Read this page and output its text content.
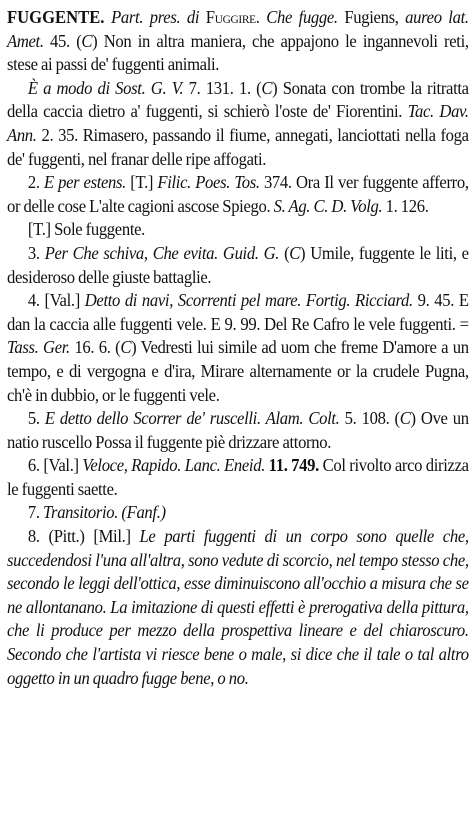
FUGGENTE. Part. pres. di Fuggire. Che fugge. Fugiens, aureo lat. Amet. 45. (C) Non in altra maniera, che appajono le ingannevoli reti, stese ai passi de' fuggenti animali.

È a modo di Sost. G. V. 7. 131. 1. (C) Sonata con trombe la ritratta della caccia dietro a' fuggenti, si schierò l'oste de' Fiorentini. Tac. Dav. Ann. 2. 35. Rimasero, passando il fiume, annegati, lanciottati nella foga de' fuggenti, nel franar delle ripe affogati.

2. E per estens. [T.] Filic. Poes. Tos. 374. Ora Il ver fuggente afferro, or delle cose L'alte cagioni ascose Spiego. S. Ag. C. D. Volg. 1. 126.

[T.] Sole fuggente.

3. Per Che schiva, Che evita. Guid. G. (C) Umile, fuggente le liti, e desideroso delle giuste battaglie.

4. [Val.] Detto di navi, Scorrenti pel mare. Fortig. Ricciard. 9. 45. E dan la caccia alle fuggenti vele. E 9. 99. Del Re Cafro le vele fuggenti. = Tass. Ger. 16. 6. (C) Vedresti lui simile ad uom che freme D'amore a un tempo, e di vergogna e d'ira, Mirare alternamente or la crudele Pugna, ch'è in dubbio, or le fuggenti vele.

5. E detto dello Scorrer de' ruscelli. Alam. Colt. 5. 108. (C) Ove un natio ruscello Possa il fuggente piè drizzare attorno.

6. [Val.] Veloce, Rapido. Lanc. Eneid. 11. 749. Col rivolto arco dirizza le fuggenti saette.

7. Transitorio. (Fanf.)

8. (Pitt.) [Mil.] Le parti fuggenti di un corpo sono quelle che, succedendosi l'una all'altra, sono vedute di scorcio, nel tempo stesso che, secondo le leggi dell'ottica, esse diminuiscono all'occhio a misura che se ne allontanano. La imitazione di questi effetti è prerogativa della pittura, che li produce per mezzo della prospettiva lineare e del chiaroscuro. Secondo che l'artista vi riesce bene o male, si dice che il tale o tal altro oggetto in un quadro fugge bene, o no.
